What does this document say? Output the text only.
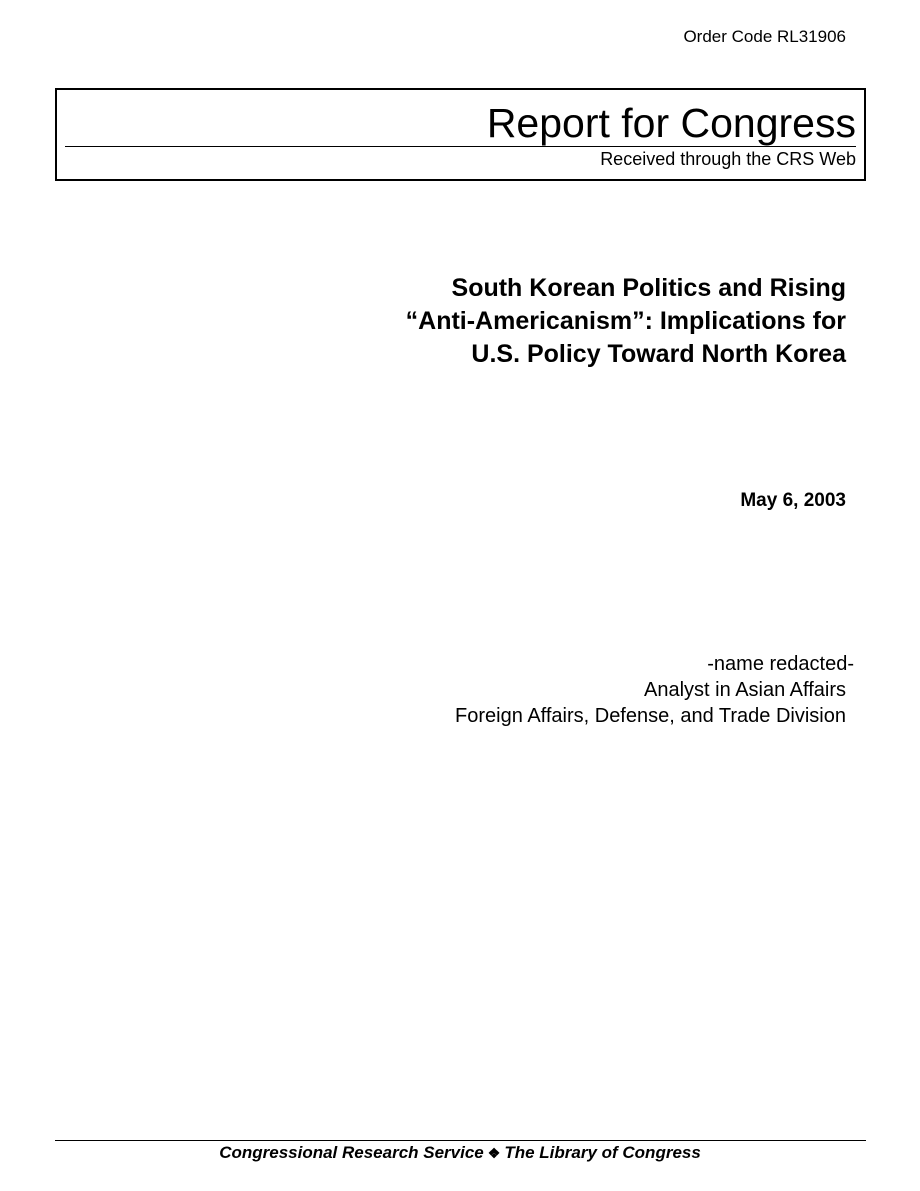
Order Code RL31906
Report for Congress
Received through the CRS Web
South Korean Politics and Rising
“Anti-Americanism”: Implications for
U.S. Policy Toward North Korea
May 6, 2003
-name redacted-
Analyst in Asian Affairs
Foreign Affairs, Defense, and Trade Division
Congressional Research Service ❖ The Library of Congress
